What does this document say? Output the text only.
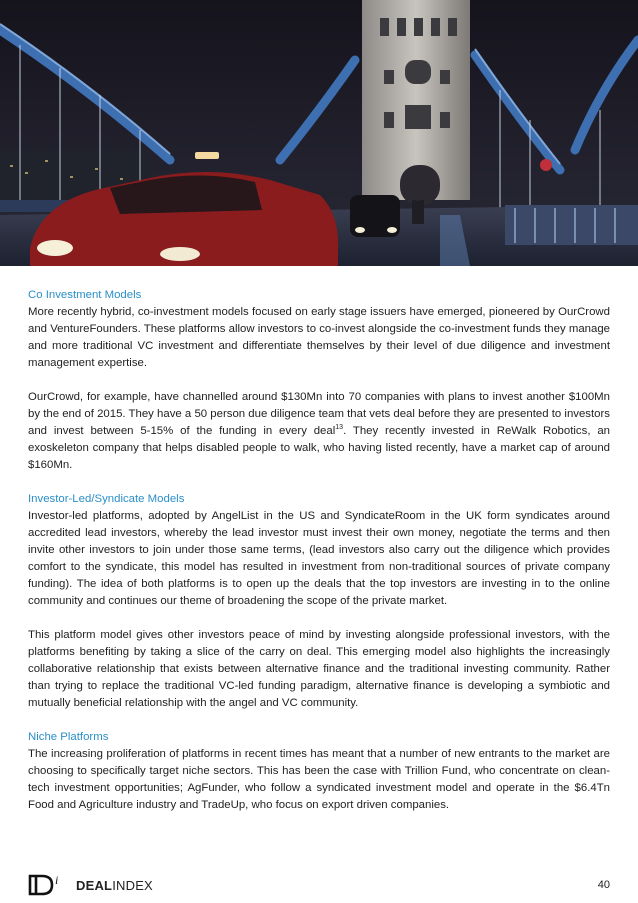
Co Investment Models

More recently hybrid, co-investment models focused on early stage issuers have emerged, pioneered by OurCrowd and VentureFounders. These platforms allow investors to co-invest alongside the co-investment funds they manage and more traditional VC investment and differentiate themselves by their level of due diligence and investment management expertise.

OurCrowd, for example, have channelled around $130Mn into 70 companies with plans to invest another $100Mn by the end of 2015. They have a 50 person due diligence team that vets deal before they are presented to investors and invest between 5-15% of the funding in every deal$^{13}$. They recently invested in ReWalk Robotics, an exoskeleton company that helps disabled people to walk, who having listed recently, have a market cap of around $160Mn.

Investor-Led/Syndicate Models

Investor-led platforms, adopted by AngelList in the US and SyndicateRoom in the UK form syndicates around accredited lead investors, whereby the lead investor must invest their own money, negotiate the terms and then invite other investors to join under those same terms, (lead investors also carry out the diligence which provides comfort to the syndicate, this model has resulted in investment from non-traditional sources of private company funding). The idea of both platforms is to open up the deals that the top investors are investing in to the online community and continues our theme of broadening the scope of the private market.

This platform model gives other investors peace of mind by investing alongside professional investors, with the platforms benefiting by taking a slice of the carry on deal. This emerging model also highlights the increasingly collaborative relationship that exists between alternative finance and the traditional investing community. Rather than trying to replace the traditional VC-led funding paradigm, alternative finance is developing a symbiotic and mutually beneficial relationship with the angel and VC community.

Niche Platforms

The increasing proliferation of platforms in recent times has meant that a number of new entrants to the market are choosing to specifically target niche sectors. This has been the case with Trillion Fund, who concentrate on clean-tech investment opportunities; AgFunder, who follow a syndicated investment model and operate in the $6.4Tn Food and Agriculture industry and TradeUp, who focus on export driven companies.

i DEALINDEX	40
